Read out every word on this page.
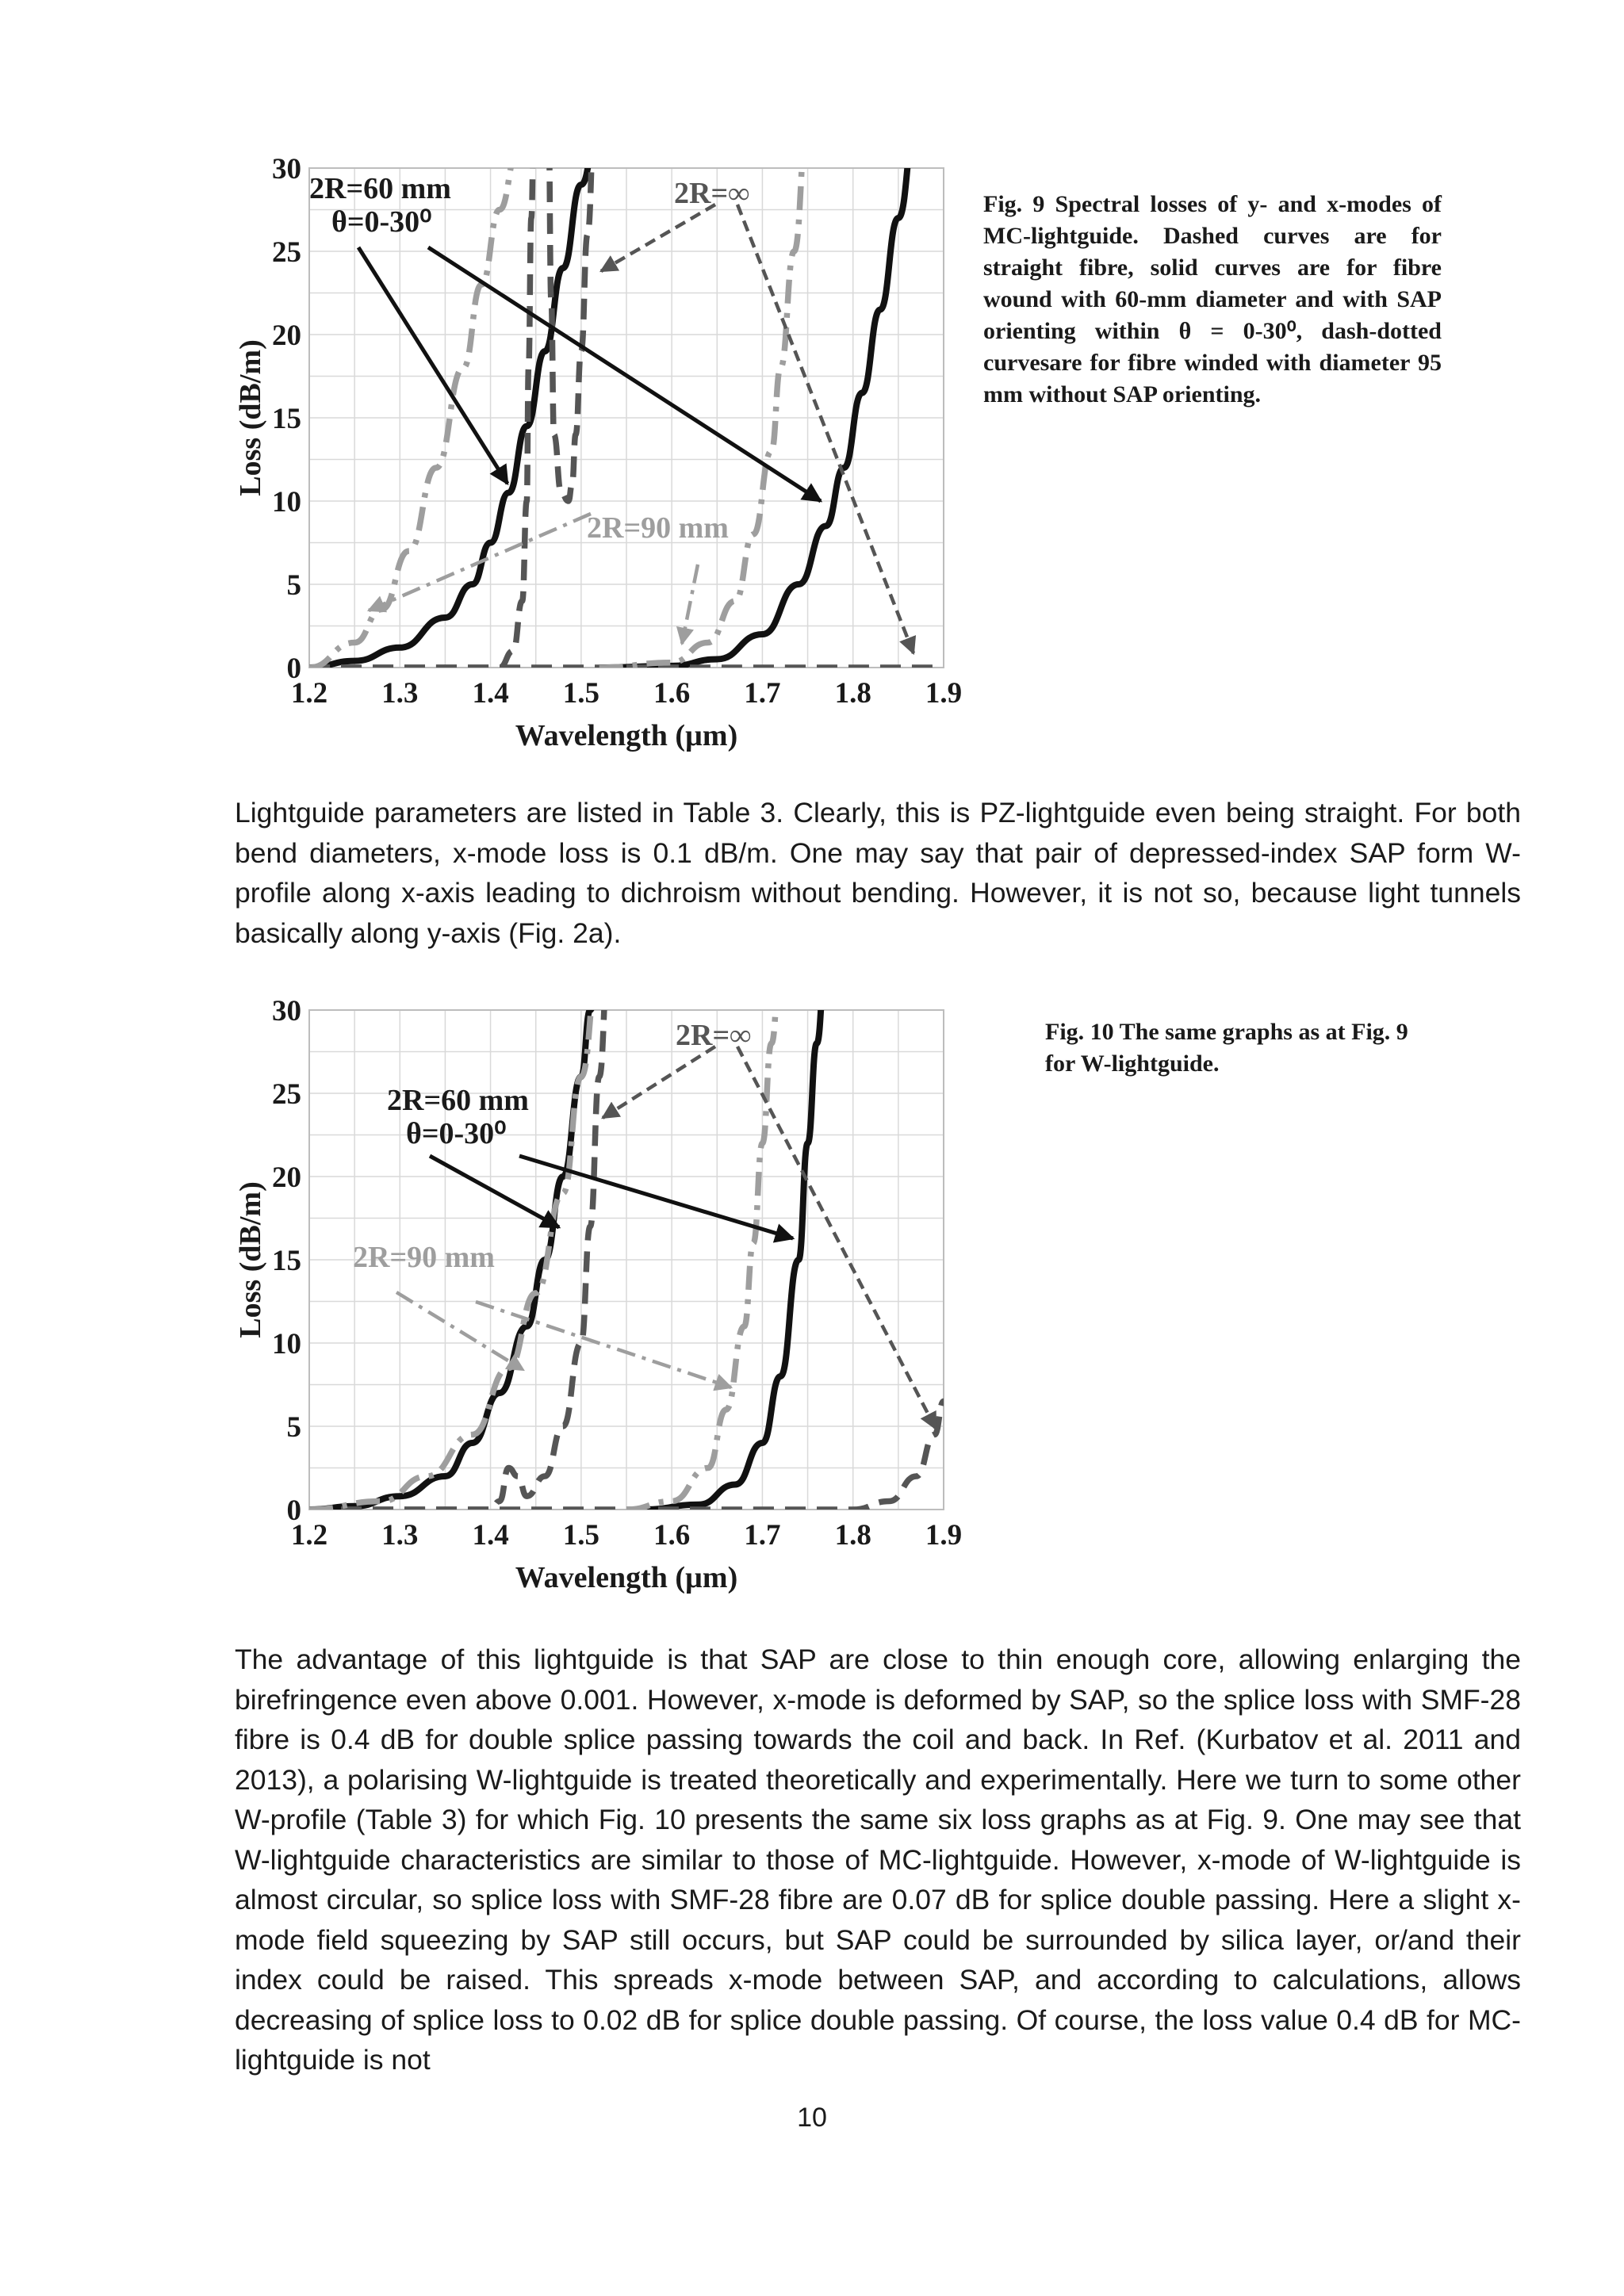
1.2 1.3 1.4 1.5 1.6 1.7 1.8 1.9
0
5
10
15
20
25
30
Wavelength (µm)
Loss (dB/m)
2R=60 mm
θ=0-30⁰
2R=∞
2R=90 mm
Fig. 9 Spectral losses of y- and x-modes of MC-lightguide. Dashed curves are for straight fibre, solid curves are for fibre wound with 60-mm diameter and with SAP orienting within θ = 0-30⁰, dash-dotted curvesare for fibre winded with diameter 95 mm without SAP orienting.

Lightguide parameters are listed in Table 3. Clearly, this is PZ-lightguide even being straight. For both bend diameters, x-mode loss is 0.1 dB/m. One may say that pair of depressed-index SAP form W-profile along x-axis leading to dichroism without bending. However, it is not so, because light tunnels basically along y-axis (Fig. 2a).

1.2 1.3 1.4 1.5 1.6 1.7 1.8 1.9
0
5
10
15
20
25
30
Wavelength (µm)
Loss (dB/m)
2R=60 mm
θ=0-30⁰
2R=∞
2R=90 mm
Fig. 10 The same graphs as at Fig. 9 for W-lightguide.

The advantage of this lightguide is that SAP are close to thin enough core, allowing enlarging the birefringence even above 0.001. However, x-mode is deformed by SAP, so the splice loss with SMF-28 fibre is 0.4 dB for double splice passing towards the coil and back. In Ref. (Kurbatov et al. 2011 and 2013), a polarising W-lightguide is treated theoretically and experimentally. Here we turn to some other W-profile (Table 3) for which Fig. 10 presents the same six loss graphs as at Fig. 9. One may see that W-lightguide characteristics are similar to those of MC-lightguide. However, x-mode of W-lightguide is almost circular, so splice loss with SMF-28 fibre are 0.07 dB for splice double passing. Here a slight x-mode field squeezing by SAP still occurs, but SAP could be surrounded by silica layer, or/and their index could be raised. This spreads x-mode between SAP, and according to calculations, allows decreasing of splice loss to 0.02 dB for splice double passing. Of course, the loss value 0.4 dB for MC-lightguide is not

10
